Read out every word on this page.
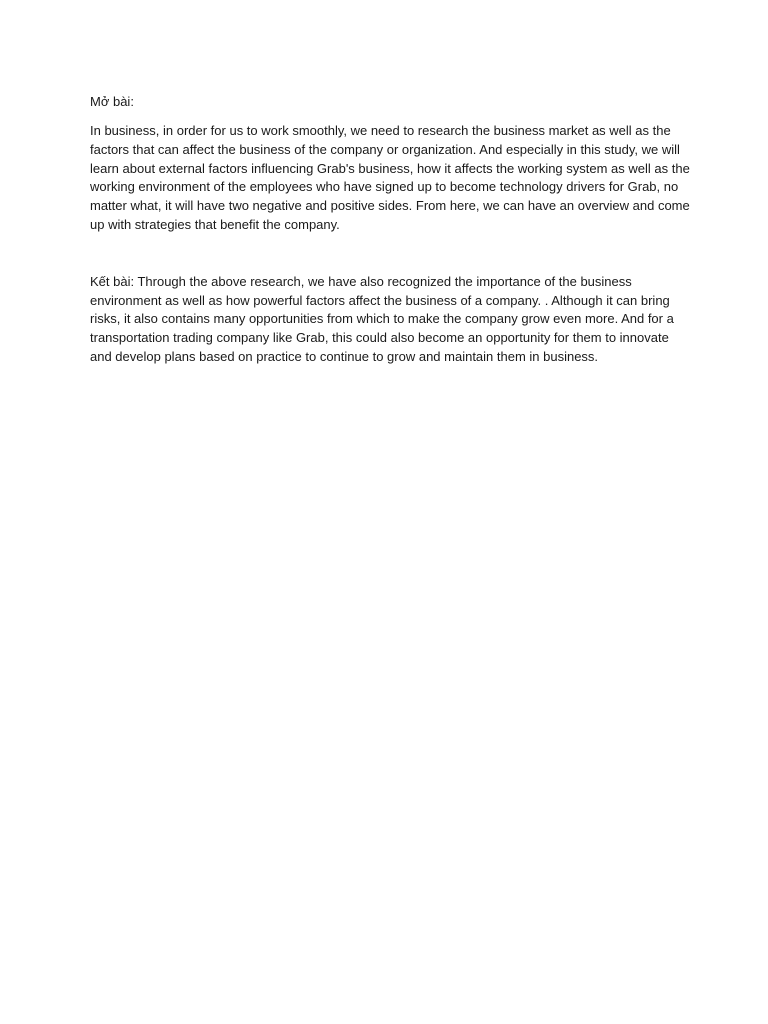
Mở bài:

In business, in order for us to work smoothly, we need to research the business market as well as the factors that can affect the business of the company or organization. And especially in this study, we will learn about external factors influencing Grab's business, how it affects the working system as well as the working environment of the employees who have signed up to become technology drivers for Grab, no matter what, it will have two negative and positive sides. From here, we can have an overview and come up with strategies that benefit the company.

Kết bài: Through the above research, we have also recognized the importance of the business environment as well as how powerful factors affect the business of a company. . Although it can bring risks, it also contains many opportunities from which to make the company grow even more. And for a transportation trading company like Grab, this could also become an opportunity for them to innovate and develop plans based on practice to continue to grow and maintain them in business.
